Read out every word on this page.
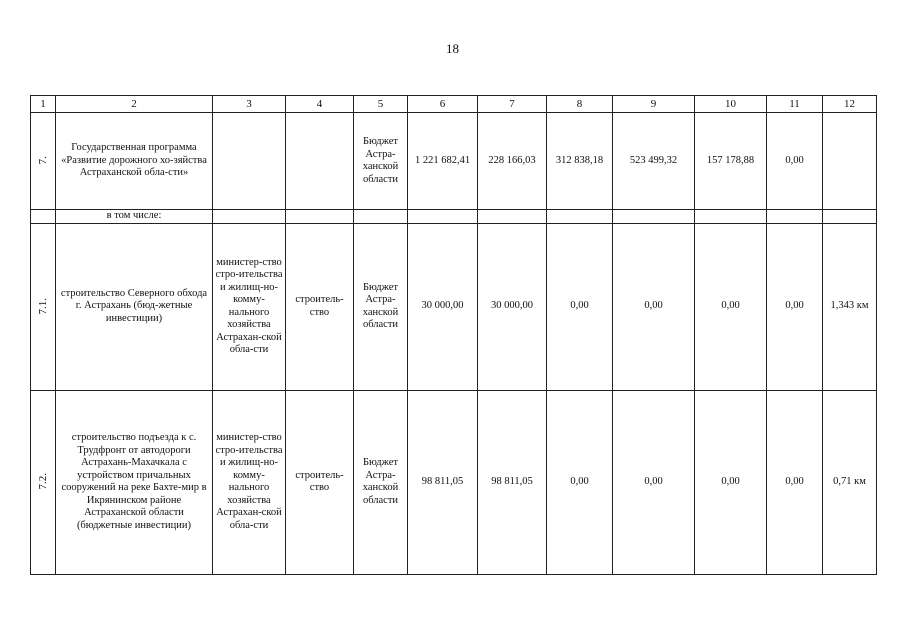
18
1	2	3	4	5	6	7	8	9	10	11	12
7.	Государственная программа «Развитие дорожного хо-зяйства Астраханской обла-сти»			Бюджет Астра-ханской области	1 221 682,41	228 166,03	312 838,18	523 499,32	157 178,88	0,00	
	в том числе:										
7.1.	строительство Северного обхода г. Астрахань (бюд-жетные инвестиции)	министер-ство стро-ительства и жилищ-но-комму-нального хозяйства Астрахан-ской обла-сти	строитель-ство	Бюджет Астра-ханской области	30 000,00	30 000,00	0,00	0,00	0,00	0,00	1,343 км
7.2.	строительство подъезда к с. Трудфронт от автодороги Астрахань-Махачкала с устройством причальных сооружений на реке Бахте-мир в Икрянинском районе Астраханской области (бюджетные инвестиции)	министер-ство стро-ительства и жилищ-но-комму-нального хозяйства Астрахан-ской обла-сти	строитель-ство	Бюджет Астра-ханской области	98 811,05	98 811,05	0,00	0,00	0,00	0,00	0,71 км
